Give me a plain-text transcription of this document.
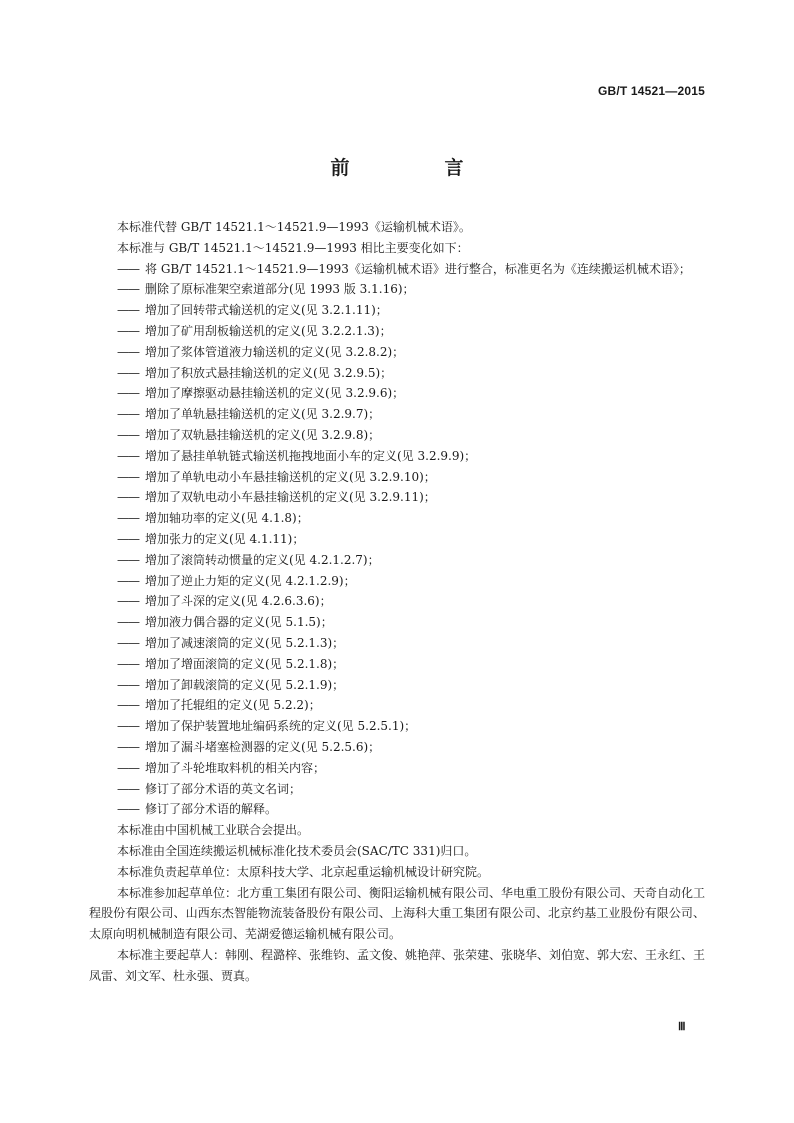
GB/T 14521—2015
前　言

本标准代替 GB/T 14521.1～14521.9—1993《运输机械术语》。

本标准与 GB/T 14521.1～14521.9—1993 相比主要变化如下：

—— 将 GB/T 14521.1～14521.9—1993《运输机械术语》进行整合，标准更名为《连续搬运机械术语》；

—— 删除了原标准架空索道部分(见 1993 版 3.1.16)；

—— 增加了回转带式输送机的定义(见 3.2.1.11)；

—— 增加了矿用刮板输送机的定义(见 3.2.2.1.3)；

—— 增加了浆体管道液力输送机的定义(见 3.2.8.2)；

—— 增加了积放式悬挂输送机的定义(见 3.2.9.5)；

—— 增加了摩擦驱动悬挂输送机的定义(见 3.2.9.6)；

—— 增加了单轨悬挂输送机的定义(见 3.2.9.7)；

—— 增加了双轨悬挂输送机的定义(见 3.2.9.8)；

—— 增加了悬挂单轨链式输送机拖拽地面小车的定义(见 3.2.9.9)；

—— 增加了单轨电动小车悬挂输送机的定义(见 3.2.9.10)；

—— 增加了双轨电动小车悬挂输送机的定义(见 3.2.9.11)；

—— 增加轴功率的定义(见 4.1.8)；

—— 增加张力的定义(见 4.1.11)；

—— 增加了滚筒转动惯量的定义(见 4.2.1.2.7)；

—— 增加了逆止力矩的定义(见 4.2.1.2.9)；

—— 增加了斗深的定义(见 4.2.6.3.6)；

—— 增加液力偶合器的定义(见 5.1.5)；

—— 增加了减速滚筒的定义(见 5.2.1.3)；

—— 增加了增面滚筒的定义(见 5.2.1.8)；

—— 增加了卸载滚筒的定义(见 5.2.1.9)；

—— 增加了托辊组的定义(见 5.2.2)；

—— 增加了保护装置地址编码系统的定义(见 5.2.5.1)；

—— 增加了漏斗堵塞检测器的定义(见 5.2.5.6)；

—— 增加了斗轮堆取料机的相关内容；

—— 修订了部分术语的英文名词；

—— 修订了部分术语的解释。

本标准由中国机械工业联合会提出。

本标准由全国连续搬运机械标准化技术委员会(SAC/TC 331)归口。

本标准负责起草单位：太原科技大学、北京起重运输机械设计研究院。

本标准参加起草单位：北方重工集团有限公司、衡阳运输机械有限公司、华电重工股份有限公司、天奇自动化工程股份有限公司、山西东杰智能物流装备股份有限公司、上海科大重工集团有限公司、北京约基工业股份有限公司、太原向明机械制造有限公司、芜湖爱德运输机械有限公司。

本标准主要起草人：韩刚、程潞梓、张维钧、孟文俊、姚艳萍、张荣建、张晓华、刘伯宽、郭大宏、王永红、王凤雷、刘文军、杜永强、贾真。

Ⅲ
